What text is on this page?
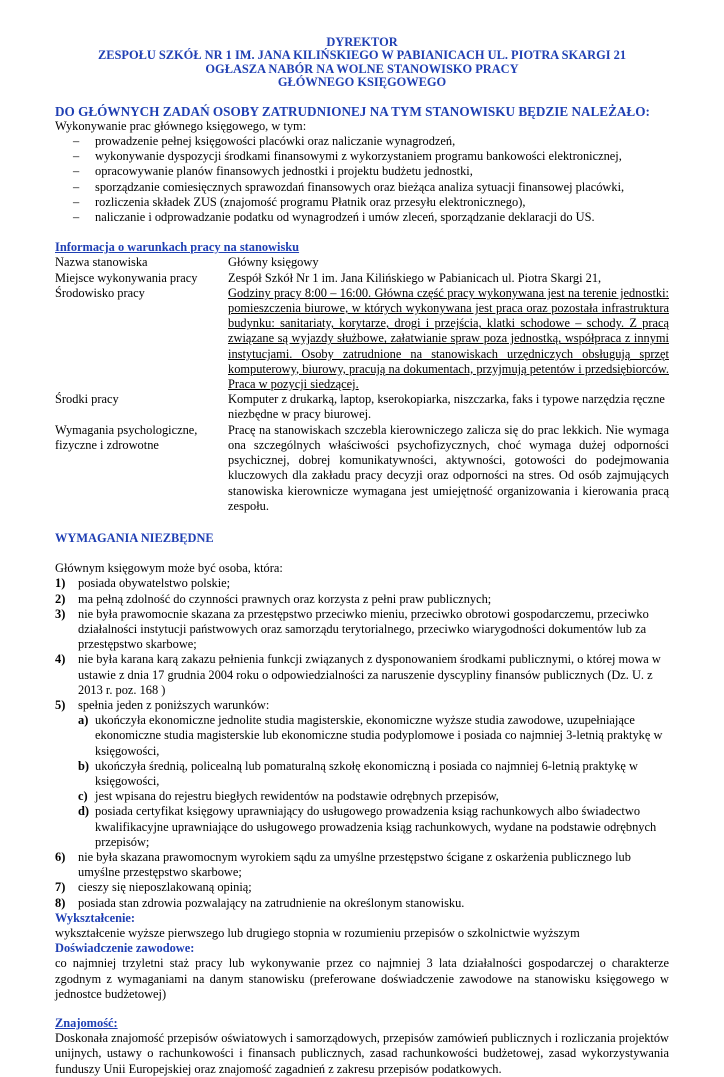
DYREKTOR
ZESPOŁU SZKÓŁ NR 1 IM. JANA KILIŃSKIEGO W PABIANICACH UL. PIOTRA SKARGI 21
OGŁASZA NABÓR NA WOLNE STANOWISKO PRACY
GŁÓWNEGO KSIĘGOWEGO
DO GŁÓWNYCH ZADAŃ OSOBY ZATRUDNIONEJ NA TYM STANOWISKU BĘDZIE NALEŻAŁO:
Wykonywanie prac głównego księgowego, w tym:
– prowadzenie pełnej księgowości placówki oraz naliczanie wynagrodzeń,
– wykonywanie dyspozycji środkami finansowymi z wykorzystaniem programu bankowości elektronicznej,
– opracowywanie planów finansowych jednostki i projektu budżetu jednostki,
– sporządzanie comiesięcznych sprawozdań finansowych oraz bieżąca analiza sytuacji finansowej placówki,
– rozliczenia składek ZUS (znajomość programu Płatnik oraz przesyłu elektronicznego),
– naliczanie i odprowadzanie podatku od wynagrodzeń i umów zleceń, sporządzanie deklaracji do US.
Informacja o warunkach pracy na stanowisku
Nazwa stanowiska	Główny księgowy
Miejsce wykonywania pracy	Zespół Szkół Nr 1 im. Jana Kilińskiego w Pabianicach ul. Piotra Skargi 21,
Środowisko pracy	Godziny pracy 8:00 – 16:00. Główna część pracy wykonywana jest na terenie jednostki: pomieszczenia biurowe, w których wykonywana jest praca oraz pozostała infrastruktura budynku: sanitariaty, korytarze, drogi i przejścia, klatki schodowe – schody. Z pracą związane są wyjazdy służbowe, załatwianie spraw poza jednostką, współpraca z innymi instytucjami. Osoby zatrudnione na stanowiskach urzędniczych obsługują sprzęt komputerowy, biurowy, pracują na dokumentach, przyjmują petentów i przedsiębiorców. Praca w pozycji siedzącej.
Środki pracy	Komputer z drukarką, laptop, kserokopiarka, niszczarka, faks i typowe narzędzia ręczne niezbędne w pracy biurowej.
Wymagania psychologiczne, fizyczne i zdrowotne	Pracę na stanowiskach szczebla kierowniczego zalicza się do prac lekkich. Nie wymaga ona szczególnych właściwości psychofizycznych, choć wymaga dużej odporności psychicznej, dobrej komunikatywności, aktywności, gotowości do podejmowania kluczowych dla zakładu pracy decyzji oraz odporności na stres. Od osób zajmujących stanowiska kierownicze wymagana jest umiejętność organizowania i kierowania pracą zespołu.
WYMAGANIA NIEZBĘDNE
Głównym księgowym może być osoba, która:
1) posiada obywatelstwo polskie;
2) ma pełną zdolność do czynności prawnych oraz korzysta z pełni praw publicznych;
3) nie była prawomocnie skazana za przestępstwo przeciwko mieniu, przeciwko obrotowi gospodarczemu, przeciwko działalności instytucji państwowych oraz samorządu terytorialnego, przeciwko wiarygodności dokumentów lub za przestępstwo skarbowe;
4) nie była karana karą zakazu pełnienia funkcji związanych z dysponowaniem środkami publicznymi, o której mowa w ustawie z dnia 17 grudnia 2004 roku o odpowiedzialności za naruszenie dyscypliny finansów publicznych (Dz. U. z 2013 r. poz. 168 )
5) spełnia jeden z poniższych warunków:
a) ukończyła ekonomiczne jednolite studia magisterskie, ekonomiczne wyższe studia zawodowe, uzupełniające ekonomiczne studia magisterskie lub ekonomiczne studia podyplomowe i posiada co najmniej 3-letnią praktykę w księgowości,
b) ukończyła średnią, policealną lub pomaturalną szkołę ekonomiczną i posiada co najmniej 6-letnią praktykę w księgowości,
c) jest wpisana do rejestru biegłych rewidentów na podstawie odrębnych przepisów,
d) posiada certyfikat księgowy uprawniający do usługowego prowadzenia ksiąg rachunkowych albo świadectwo kwalifikacyjne uprawniające do usługowego prowadzenia ksiąg rachunkowych, wydane na podstawie odrębnych przepisów;
6) nie była skazana prawomocnym wyrokiem sądu za umyślne przestępstwo ścigane z oskarżenia publicznego lub umyślne przestępstwo skarbowe;
7) cieszy się nieposzlakowaną opinią;
8) posiada stan zdrowia pozwalający na zatrudnienie na określonym stanowisku.
Wykształcenie:
wykształcenie wyższe pierwszego lub drugiego stopnia w rozumieniu przepisów o szkolnictwie wyższym
Doświadczenie zawodowe:
co najmniej trzyletni staż pracy lub wykonywanie przez co najmniej 3 lata działalności gospodarczej o charakterze zgodnym z wymaganiami na danym stanowisku (preferowane doświadczenie zawodowe na stanowisku księgowego w jednostce budżetowej)
Znajomość:
Doskonała znajomość przepisów oświatowych i samorządowych, przepisów zamówień publicznych i rozliczania projektów unijnych, ustawy o rachunkowości i finansach publicznych, zasad rachunkowości budżetowej, zasad wykorzystywania funduszy Unii Europejskiej oraz znajomość zagadnień z zakresu przepisów podatkowych.
